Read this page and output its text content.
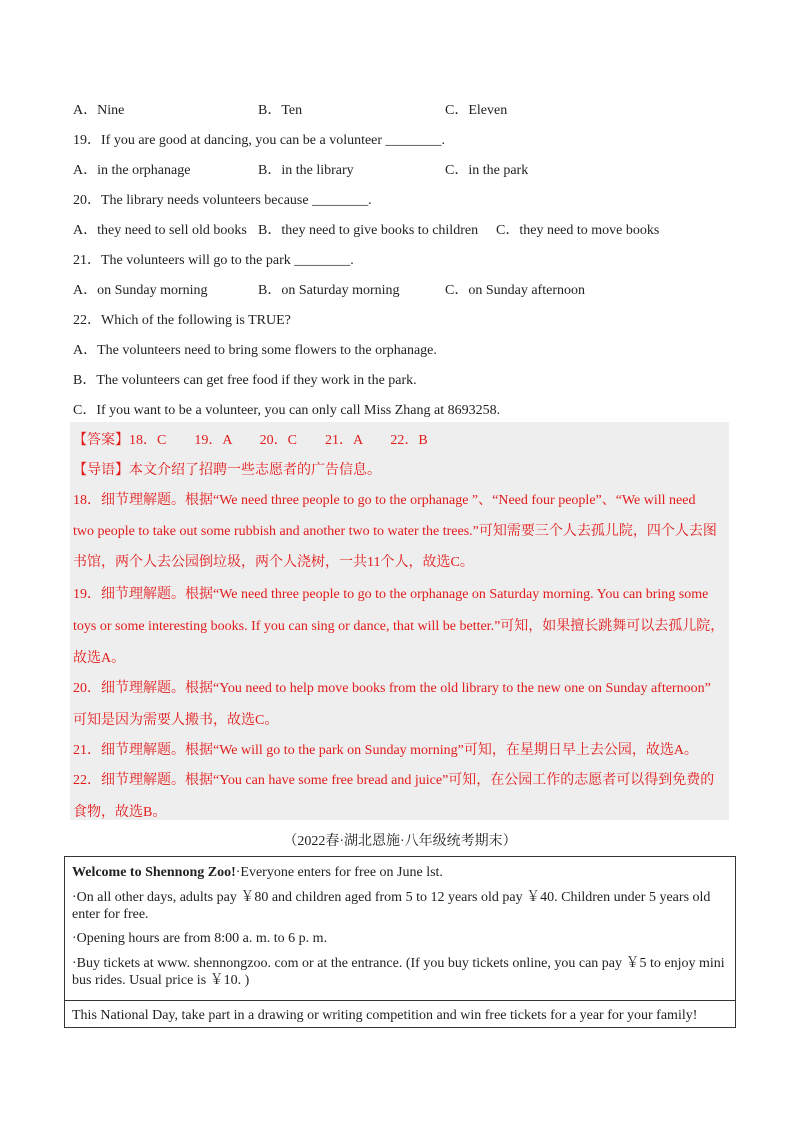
A．Nine	B．Ten	C．Eleven
19．If you are good at dancing, you can be a volunteer ________.
A．in the orphanage	B．in the library	C．in the park
20．The library needs volunteers because ________.
A．they need to sell old books B．they need to give books to children C．they need to move books
21．The volunteers will go to the park ________.
A．on Sunday morning	B．on Saturday morning	C．on Sunday afternoon
22．Which of the following is TRUE?
A．The volunteers need to bring some flowers to the orphanage.
B．The volunteers can get free food if they work in the park.
C．If you want to be a volunteer, you can only call Miss Zhang at 8693258.
【答案】18．C　　19．A　　20．C　　21．A　　22．B
【导语】本文介绍了招聘一些志愿者的广告信息。
18．细节理解题。根据“We need three people to go to the orphanage ”、“Need four people”、“We will need
two people to take out some rubbish and another two to water the trees.”可知需要三个人去孤儿院，四个人去图
书馆，两个人去公园倒垃圾，两个人浇树，一共11个人，故选C。
19．细节理解题。根据“We need three people to go to the orphanage on Saturday morning. You can bring some
toys or some interesting books. If you can sing or dance, that will be better.”可知，如果擅长跳舞可以去孤儿院，
故选A。
20．细节理解题。根据“You need to help move books from the old library to the new one on Sunday afternoon”
可知是因为需要人搬书，故选C。
21．细节理解题。根据“We will go to the park on Sunday morning”可知，在星期日早上去公园，故选A。
22．细节理解题。根据“You can have some free bread and juice”可知，在公园工作的志愿者可以得到免费的
食物，故选B。
（2022春·湖北恩施·八年级统考期末）
Welcome to Shennong Zoo!·Everyone enters for free on June lst.
·On all other days, adults pay ￥80 and children aged from 5 to 12 years old pay ￥40. Children under 5 years old enter for free.
·Opening hours are from 8:00 a. m. to 6 p. m.
·Buy tickets at www. shennongzoo. com or at the entrance. (If you buy tickets online, you can pay ￥5 to enjoy mini bus rides. Usual price is ￥10. )
This National Day, take part in a drawing or writing competition and win free tickets for a year for your family!
